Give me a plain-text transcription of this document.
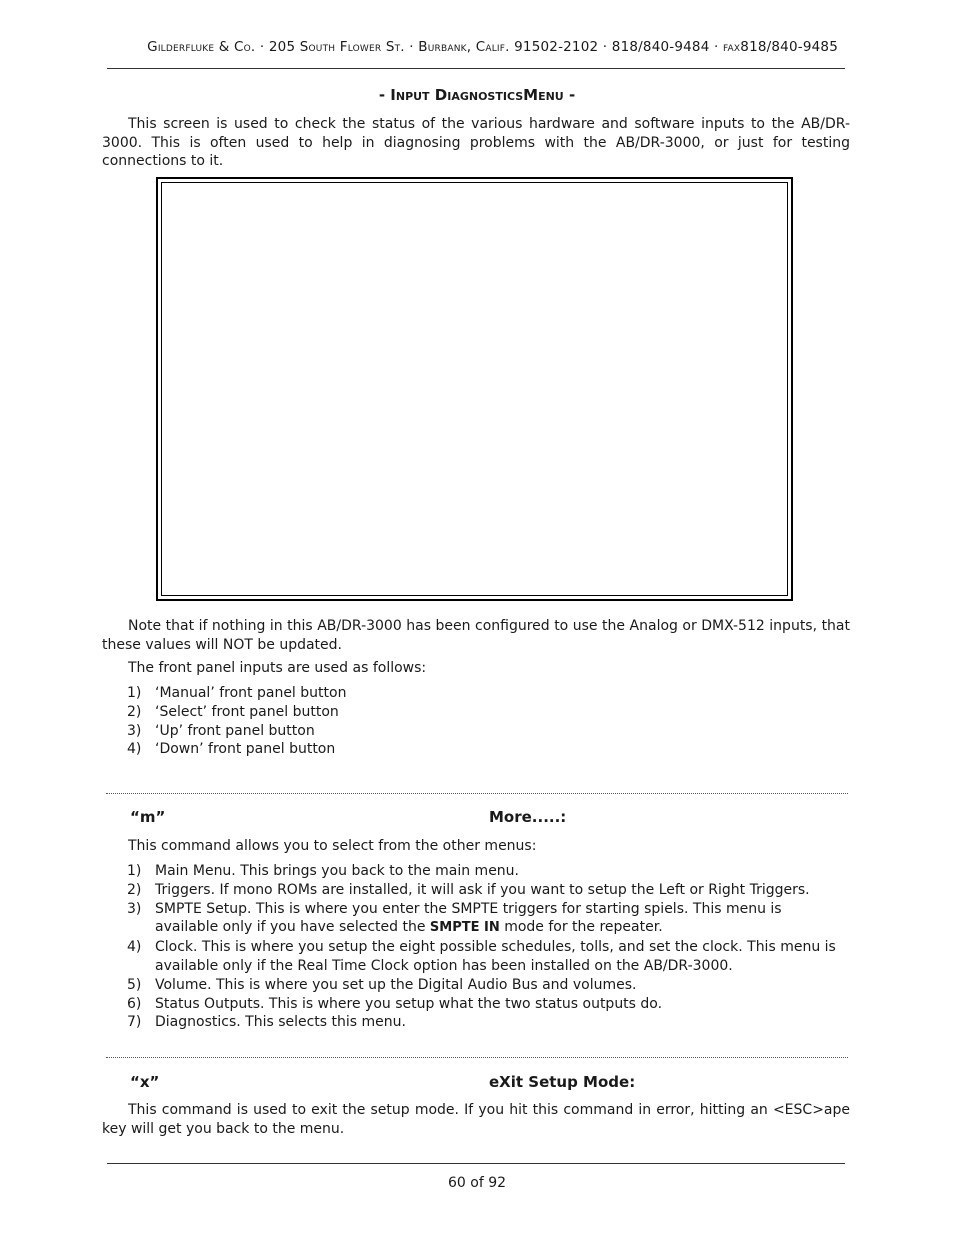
Gilderfluke & Co. · 205 South Flower St. · Burbank, Calif. 91502-2102 · 818/840-9484 · fax818/840-9485
- Input DiagnosticsMenu -

This screen is used to check the status of the various hardware and software inputs to the AB/DR-3000. This is often used to help in diagnosing problems with the AB/DR-3000, or just for testing connections to it.

Note that if nothing in this AB/DR-3000 has been configured to use the Analog or DMX-512 inputs, that these values will NOT be updated.

The front panel inputs are used as follows:

1) ‘Manual’ front panel button
2) ‘Select’ front panel button
3) ‘Up’ front panel button
4) ‘Down’ front panel button
“m”	More.....:

This command allows you to select from the other menus:

1) Main Menu. This brings you back to the main menu.
2) Triggers. If mono ROMs are installed, it will ask if you want to setup the Left or Right Triggers.
3) SMPTE Setup. This is where you enter the SMPTE triggers for starting spiels. This menu is available only if you have selected the SMPTE IN mode for the repeater.
4) Clock. This is where you setup the eight possible schedules, tolls, and set the clock. This menu is available only if the Real Time Clock option has been installed on the AB/DR-3000.
5) Volume. This is where you set up the Digital Audio Bus and volumes.
6) Status Outputs. This is where you setup what the two status outputs do.
7) Diagnostics. This selects this menu.
“x”	eXit Setup Mode:

This command is used to exit the setup mode. If you hit this command in error, hitting an <ESC>ape key will get you back to the menu.

60 of 92
